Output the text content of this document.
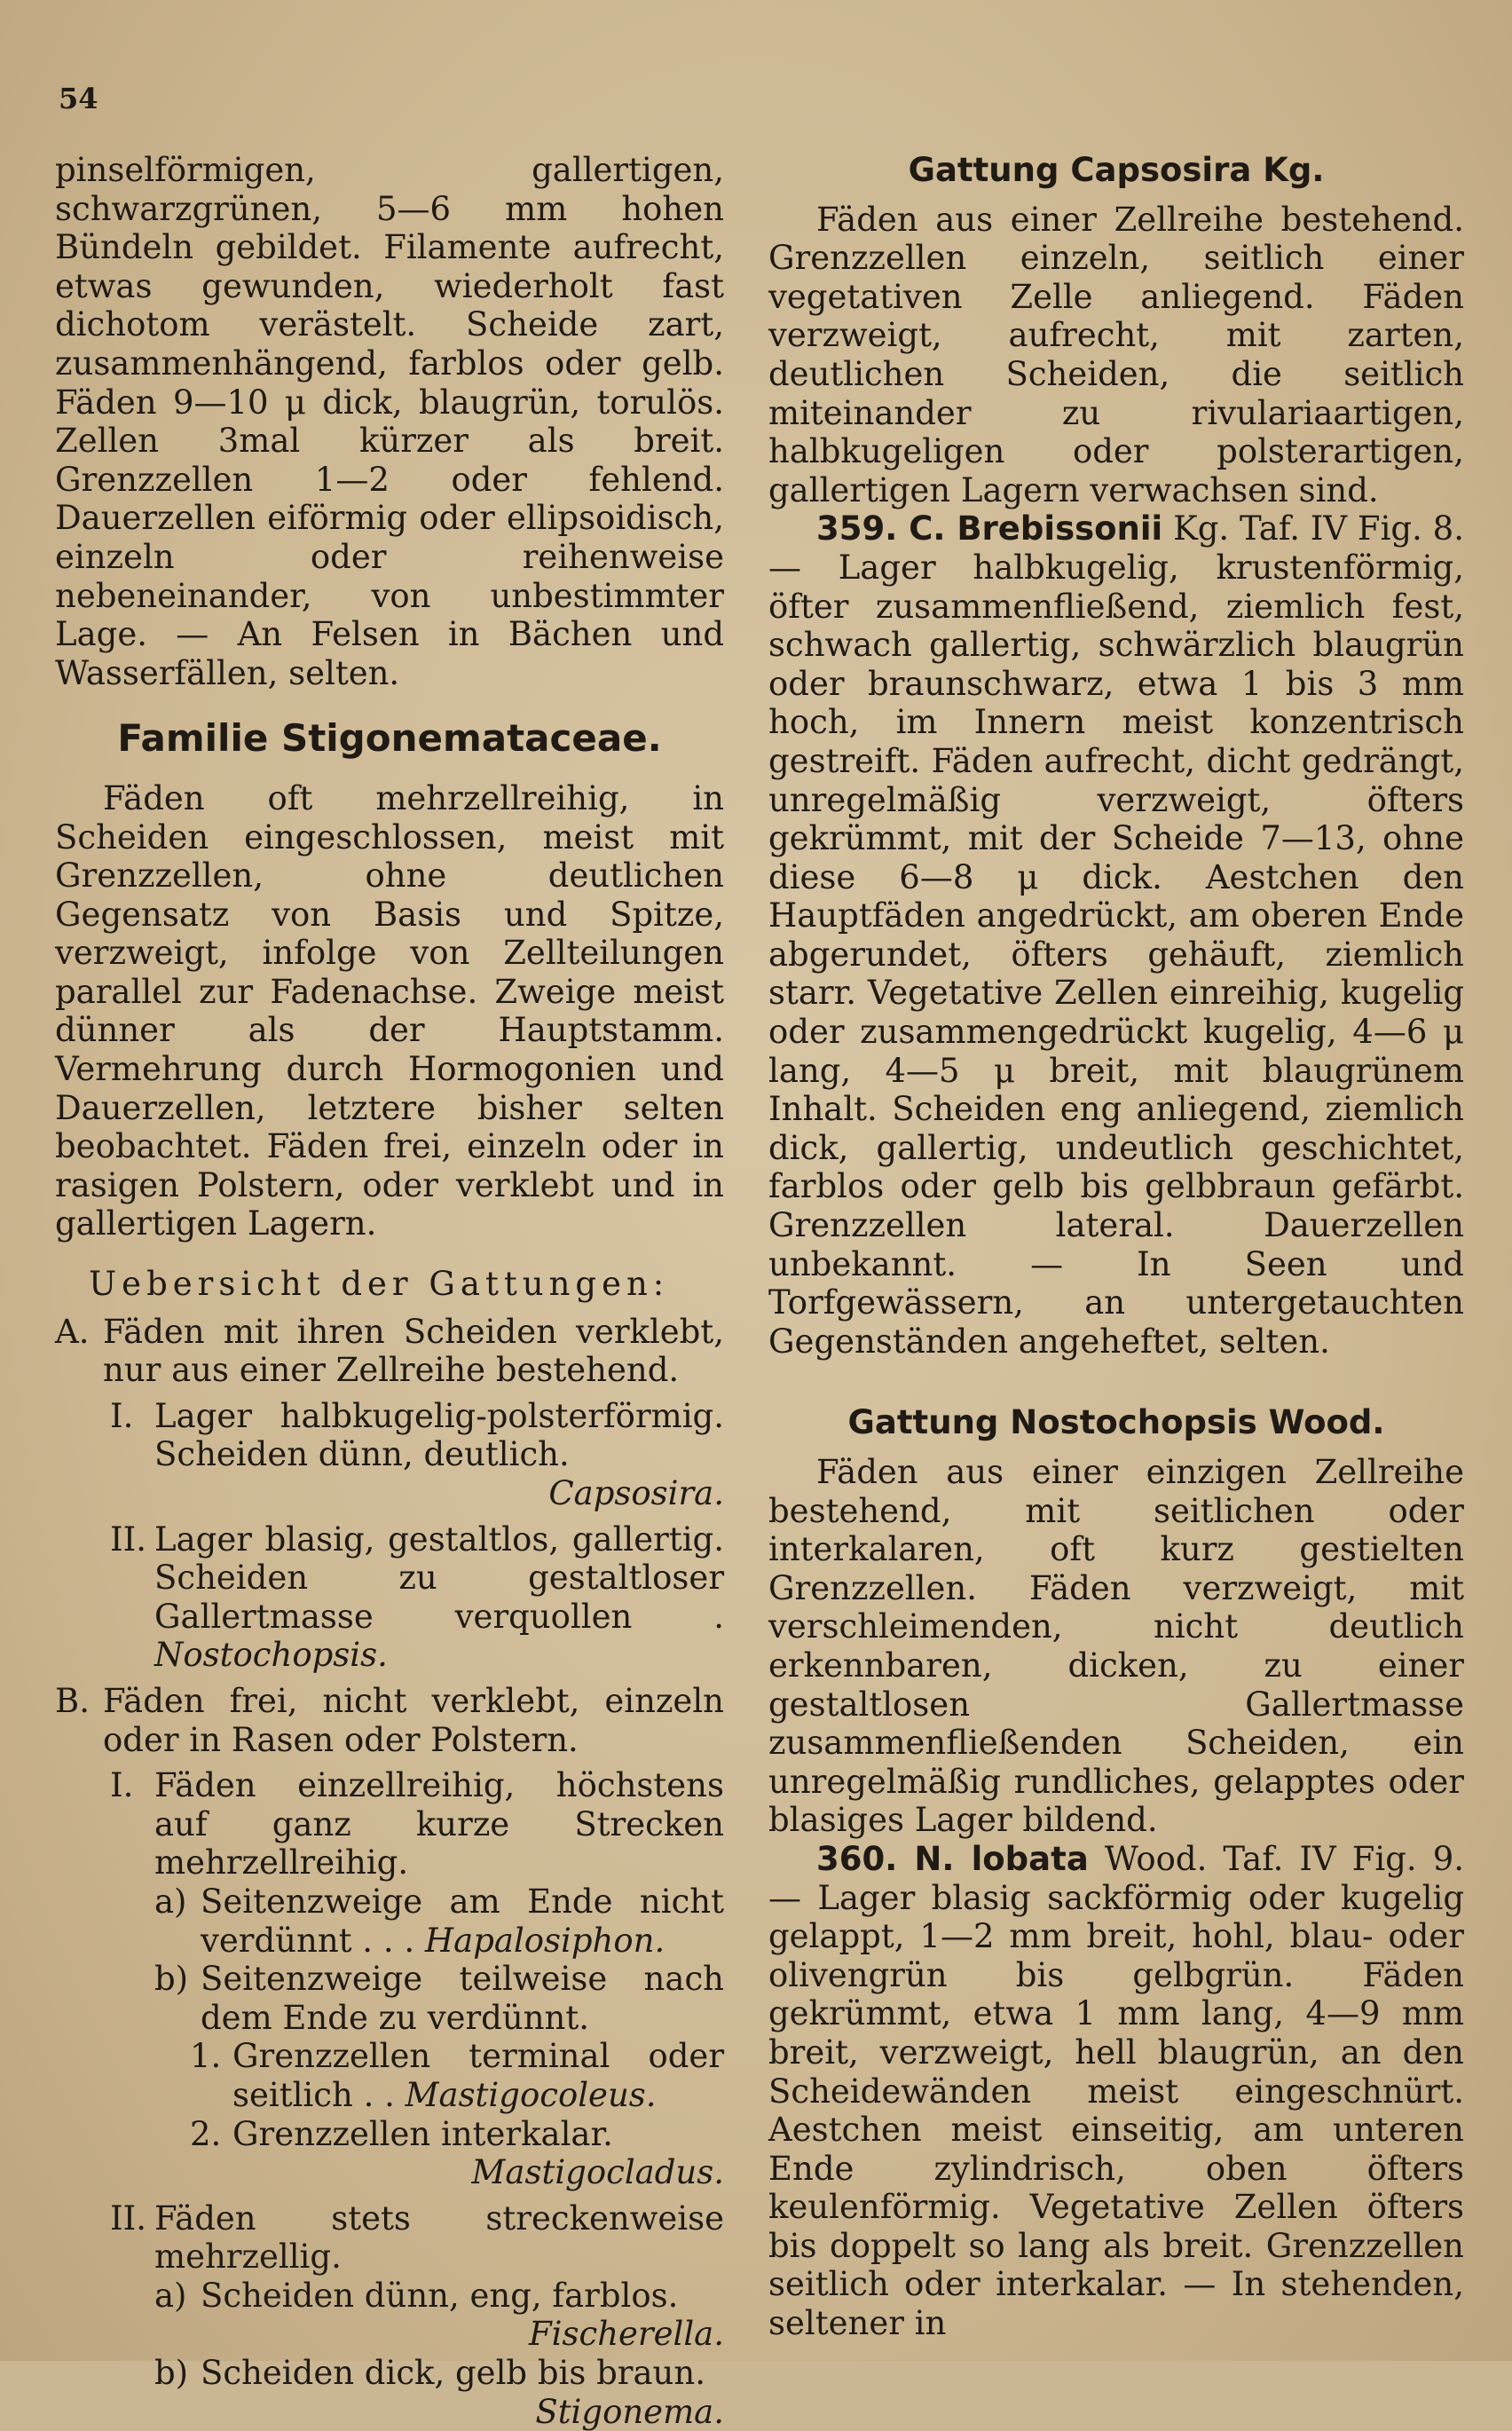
54

pinselförmigen, gallertigen, schwarzgrünen, 5—6 mm hohen Bündeln gebildet. Filamente aufrecht, etwas gewunden, wiederholt fast dichotom verästelt. Scheide zart, zusammenhängend, farblos oder gelb. Fäden 9—10 μ dick, blaugrün, torulös. Zellen 3mal kürzer als breit. Grenzzellen 1—2 oder fehlend. Dauerzellen eiförmig oder ellipsoidisch, einzeln oder reihenweise nebeneinander, von unbestimmter Lage. — An Felsen in Bächen und Wasserfällen, selten.

Familie Stigonemataceae.

Fäden oft mehrzellreihig, in Scheiden eingeschlossen, meist mit Grenzzellen, ohne deutlichen Gegensatz von Basis und Spitze, verzweigt, infolge von Zellteilungen parallel zur Fadenachse. Zweige meist dünner als der Hauptstamm. Vermehrung durch Hormogonien und Dauerzellen, letztere bisher selten beobachtet. Fäden frei, einzeln oder in rasigen Polstern, oder verklebt und in gallertigen Lagern.

Uebersicht der Gattungen:
A. Fäden mit ihren Scheiden verklebt, nur aus einer Zellreihe bestehend.
I. Lager halbkugelig-polsterförmig. Scheiden dünn, deutlich.
Capsosira.
II. Lager blasig, gestaltlos, gallertig. Scheiden zu gestaltloser Gallertmasse verquollen . Nostochopsis.
B. Fäden frei, nicht verklebt, einzeln oder in Rasen oder Polstern.
I. Fäden einzellreihig, höchstens auf ganz kurze Strecken mehrzellreihig.
a) Seitenzweige am Ende nicht verdünnt . . . Hapalosiphon.
b) Seitenzweige teilweise nach dem Ende zu verdünnt.
1. Grenzzellen terminal oder seitlich . . Mastigocoleus.
2. Grenzzellen interkalar.
Mastigocladus.
II. Fäden stets streckenweise mehrzellig.
a) Scheiden dünn, eng, farblos.
Fischerella.
b) Scheiden dick, gelb bis braun.
Stigonema.
Gattung Capsosira Kg.

Fäden aus einer Zellreihe bestehend. Grenzzellen einzeln, seitlich einer vegetativen Zelle anliegend. Fäden verzweigt, aufrecht, mit zarten, deutlichen Scheiden, die seitlich miteinander zu rivulariaartigen, halbkugeligen oder polsterartigen, gallertigen Lagern verwachsen sind.

359. C. Brebissonii Kg. Taf. IV Fig. 8. — Lager halbkugelig, krustenförmig, öfter zusammenfließend, ziemlich fest, schwach gallertig, schwärzlich blaugrün oder braunschwarz, etwa 1 bis 3 mm hoch, im Innern meist konzentrisch gestreift. Fäden aufrecht, dicht gedrängt, unregelmäßig verzweigt, öfters gekrümmt, mit der Scheide 7—13, ohne diese 6—8 μ dick. Aestchen den Hauptfäden angedrückt, am oberen Ende abgerundet, öfters gehäuft, ziemlich starr. Vegetative Zellen einreihig, kugelig oder zusammengedrückt kugelig, 4—6 μ lang, 4—5 μ breit, mit blaugrünem Inhalt. Scheiden eng anliegend, ziemlich dick, gallertig, undeutlich geschichtet, farblos oder gelb bis gelbbraun gefärbt. Grenzzellen lateral. Dauerzellen unbekannt. — In Seen und Torfgewässern, an untergetauchten Gegenständen angeheftet, selten.

Gattung Nostochopsis Wood.

Fäden aus einer einzigen Zellreihe bestehend, mit seitlichen oder interkalaren, oft kurz gestielten Grenzzellen. Fäden verzweigt, mit verschleimenden, nicht deutlich erkennbaren, dicken, zu einer gestaltlosen Gallertmasse zusammenfließenden Scheiden, ein unregelmäßig rundliches, gelapptes oder blasiges Lager bildend.

360. N. lobata Wood. Taf. IV Fig. 9. — Lager blasig sackförmig oder kugelig gelappt, 1—2 mm breit, hohl, blau- oder olivengrün bis gelbgrün. Fäden gekrümmt, etwa 1 mm lang, 4—9 mm breit, verzweigt, hell blaugrün, an den Scheidewänden meist eingeschnürt. Aestchen meist einseitig, am unteren Ende zylindrisch, oben öfters keulenförmig. Vegetative Zellen öfters bis doppelt so lang als breit. Grenzzellen seitlich oder interkalar. — In stehenden, seltener in
